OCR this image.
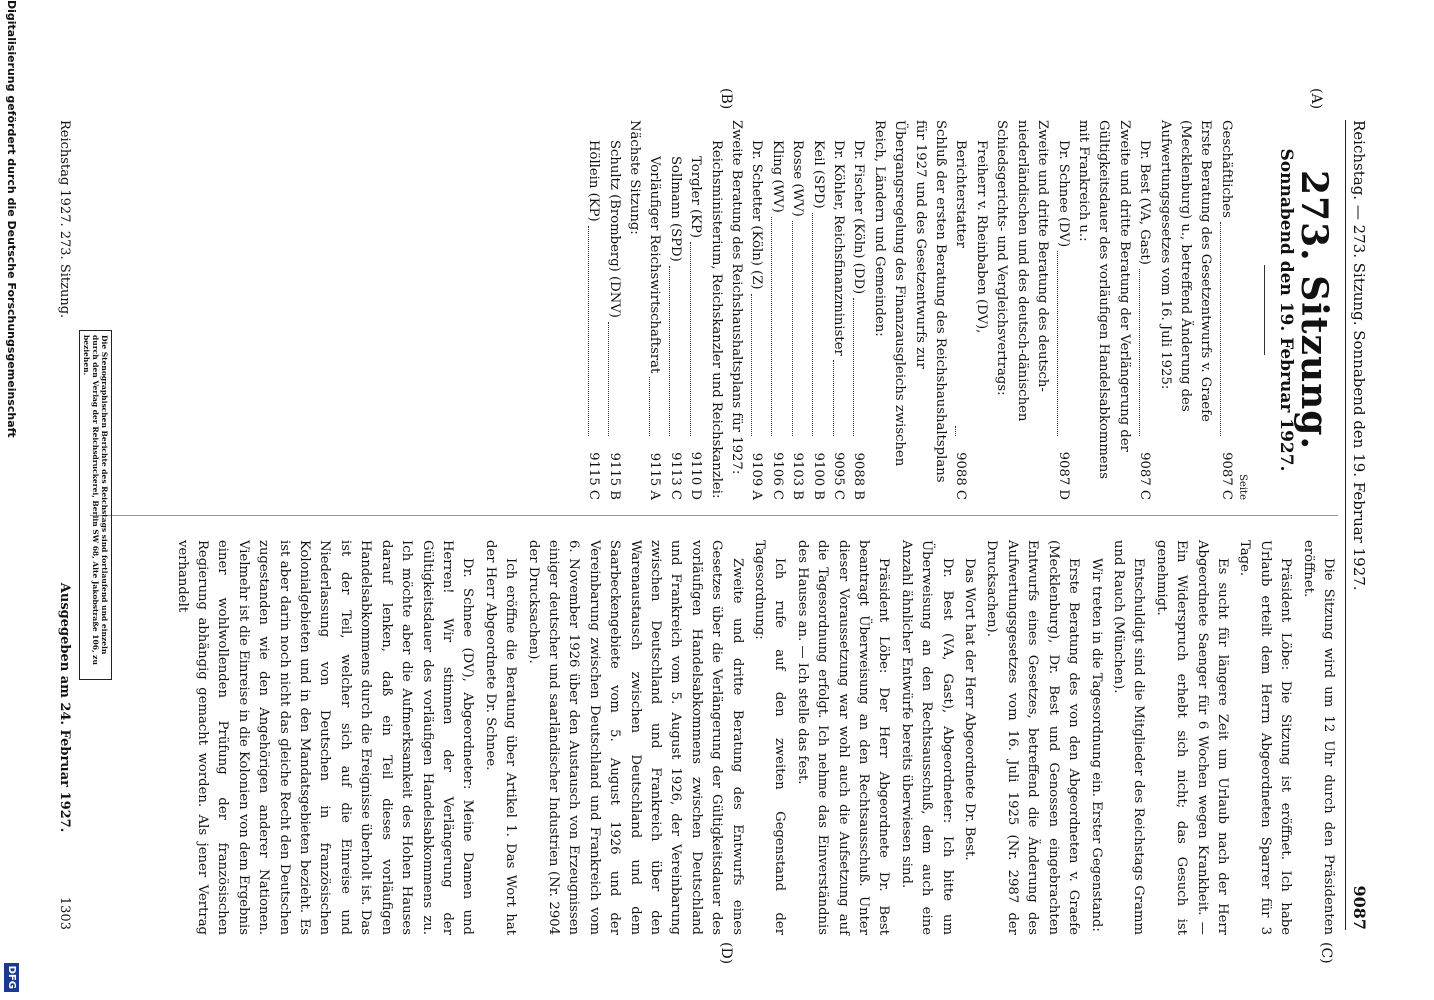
Reichstag. — 273. Sitzung. Sonnabend den 19. Februar 1927.
9087
(A)
(B)
(C)
(D)
273. Sitzung.
Sonnabend den 19. Februar 1927.
Seite
Geschäftliches
9087 C
Erste Beratung des Gesetzentwurfs v. Graefe (Mecklenburg) u., betreffend Änderung des Aufwertungsgesetzes vom 16. Juli 1925:
Dr. Best (VA, Gast)
9087 C
Zweite und dritte Beratung der Verlängerung der Gültigkeitsdauer des vorläufigen Handelsabkommens mit Frankreich u.:
Dr. Schnee (DV)
9087 D
Zweite und dritte Beratung des deutsch-niederländischen und des deutsch-dänischen Schiedsgerichts- und Vergleichsvertrags:
Freiherr v. Rheinbaben (DV), Berichterstatter
9088 C
Schluß der ersten Beratung des Reichshaushaltsplans für 1927 und des Gesetzentwurfs zur Übergangsregelung des Finanzausgleichs zwischen Reich, Ländern und Gemeinden:
Dr. Fischer (Köln) (DD)
9088 B
Dr. Köhler, Reichsfinanzminister
9095 C
Keil (SPD)
9100 B
Rosse (WV)
9103 B
Kling (WV)
9106 C
Dr. Schetter (Köln) (Z)
9109 A
Zweite Beratung des Reichshaushaltsplans für 1927:
Reichsministerium, Reichskanzler und Reichskanzlei:
Torgler (KP)
9110 D
Sollmann (SPD)
9113 C
Vorläufiger Reichswirtschaftsrat
9115 A
Nächste Sitzung:
Schultz (Bromberg) (DNV)
9115 B
Höllein (KP)
9115 C

Die Sitzung wird um 12 Uhr durch den Präsidenten eröffnet.

Präsident Löbe: Die Sitzung ist eröffnet. Ich habe Urlaub erteilt dem Herrn Abgeordneten Sparrer für 3 Tage.

Es sucht für längere Zeit um Urlaub nach der Herr Abgeordnete Saenger für 6 Wochen wegen Krankheit. — Ein Widerspruch erhebt sich nicht; das Gesuch ist genehmigt.

Entschuldigt sind die Mitglieder des Reichstags Gramm und Rauch (München).

Wir treten in die Tagesordnung ein. Erster Gegenstand:

Erste Beratung des von den Abgeordneten v. Graefe (Mecklenburg), Dr. Best und Genossen eingebrachten Entwurfs eines Gesetzes, betreffend die Änderung des Aufwertungsgesetzes vom 16. Juli 1925 (Nr. 2987 der Drucksachen).

Das Wort hat der Herr Abgeordnete Dr. Best.

Dr. Best (VA, Gast), Abgeordneter: Ich bitte um Überweisung an den Rechtsausschuß, dem auch eine Anzahl ähnlicher Entwürfe bereits überwiesen sind.

Präsident Löbe: Der Herr Abgeordnete Dr. Best beantragt Überweisung an den Rechtsausschuß. Unter dieser Voraussetzung war wohl auch die Aufsetzung auf die Tagesordnung erfolgt. Ich nehme das Einverständnis des Hauses an. — Ich stelle das fest.

Ich rufe auf den zweiten Gegenstand der Tagesordnung:

Zweite und dritte Beratung des Entwurfs eines Gesetzes über die Verlängerung der Gültigkeitsdauer des vorläufigen Handelsabkommens zwischen Deutschland und Frankreich vom 5. August 1926, der Vereinbarung zwischen Deutschland und Frankreich über den Warenaustausch zwischen Deutschland und dem Saarbeckengebiete vom 5. August 1926 und der Vereinbarung zwischen Deutschland und Frankreich vom 6. November 1926 über den Austausch von Erzeugnissen einiger deutscher und saarländischer Industrien (Nr. 2904 der Drucksachen).

Ich eröffne die Beratung über Artikel 1. Das Wort hat der Herr Abgeordnete Dr. Schnee.

Dr. Schnee (DV), Abgeordneter: Meine Damen und Herren! Wir stimmen der Verlängerung der Gültigkeitsdauer des vorläufigen Handelsabkommens zu. Ich möchte aber die Aufmerksamkeit des Hohen Hauses darauf lenken, daß ein Teil dieses vorläufigen Handelsabkommens durch die Ereignisse überholt ist. Das ist der Teil, welcher sich auf die Einreise und Niederlassung von Deutschen in französischen Kolonialgebieten und in den Mandatsgebieten bezieht. Es ist aber darin noch nicht das gleiche Recht den Deutschen zugestanden wie den Angehörigen anderer Nationen. Vielmehr ist die Einreise in die Kolonien von dem Ergebnis einer wohlwollenden Prüfung der französischen Regierung abhängig gemacht worden. Als jener Vertrag verhandelt

Die Stenographischen Berichte des Reichstags sind fortlaufend und einzeln durch den Verlag der Reichsdruckerei, Berlin SW 68, Alte Jakobstraße 106, zu beziehen.
Reichstag 1927. 273. Sitzung.
Ausgegeben am 24. Februar 1927.
1303
Digitalisierung gefördert durch die Deutsche Forschungsgemeinschaft
DFG
